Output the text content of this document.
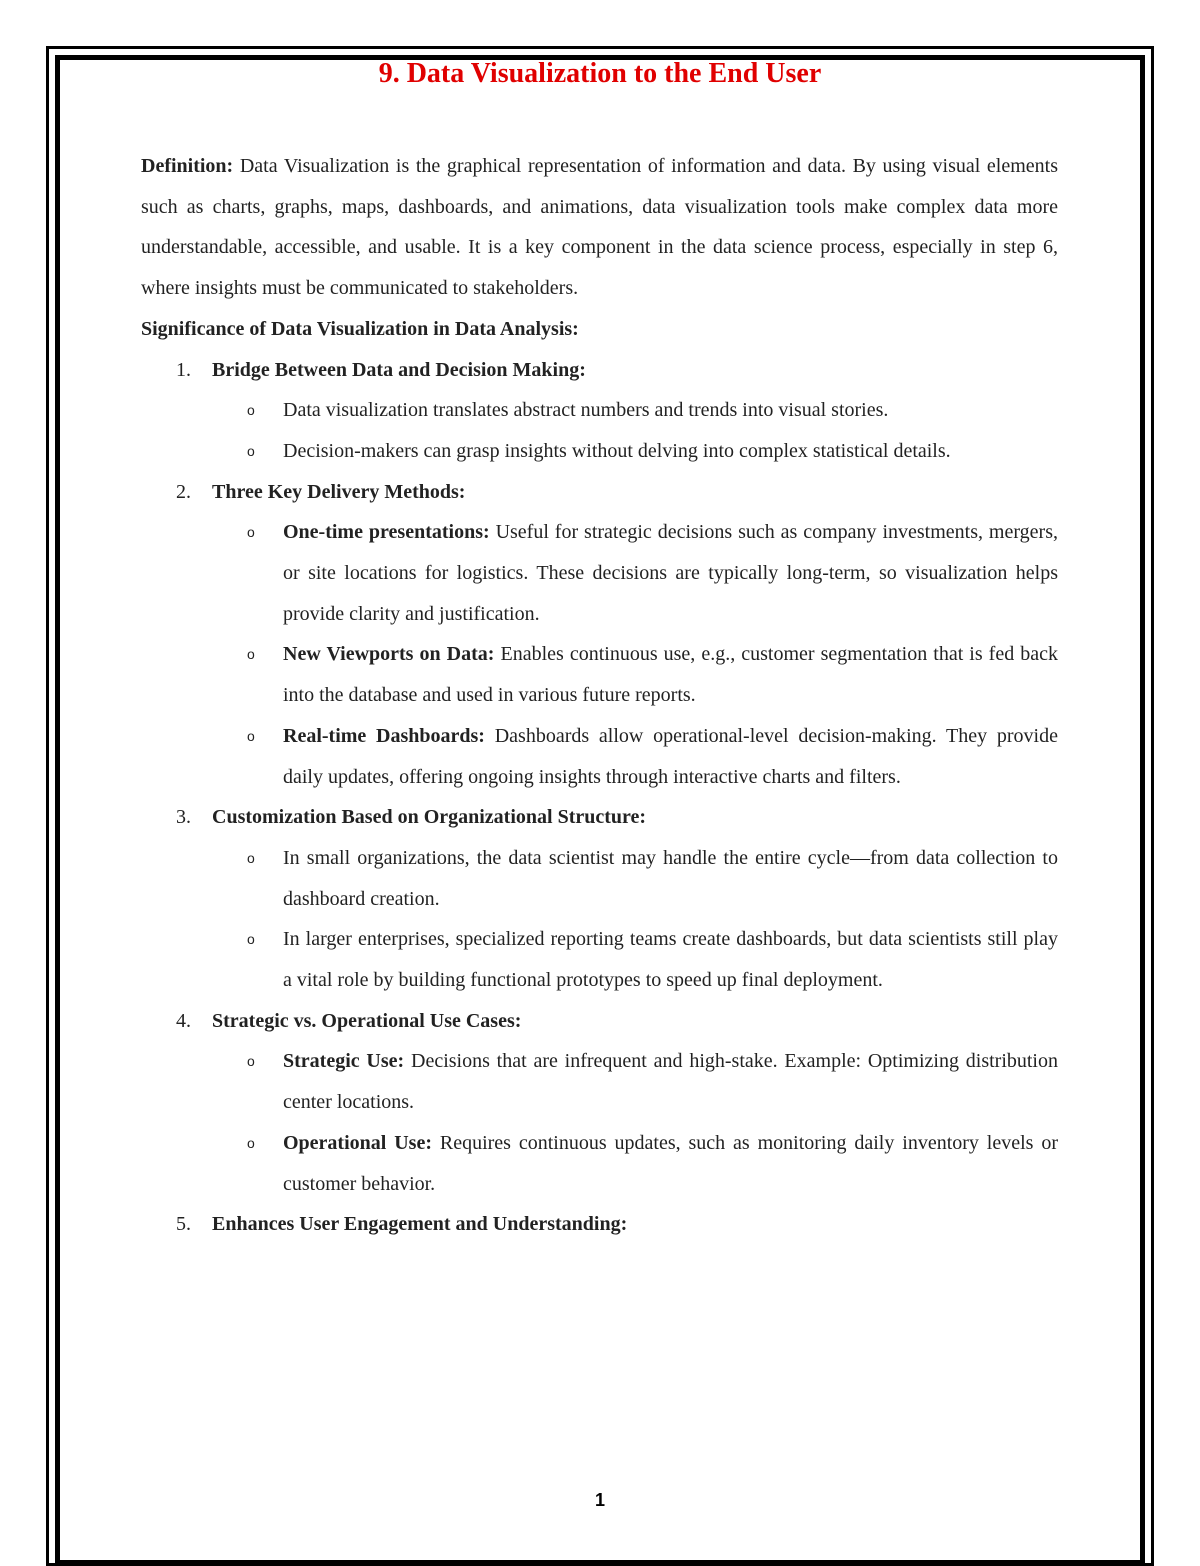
9. Data Visualization to the End User

Definition: Data Visualization is the graphical representation of information and data. By using visual elements such as charts, graphs, maps, dashboards, and animations, data visualization tools make complex data more understandable, accessible, and usable. It is a key component in the data science process, especially in step 6, where insights must be communicated to stakeholders.

Significance of Data Visualization in Data Analysis:

1. Bridge Between Data and Decision Making:
o Data visualization translates abstract numbers and trends into visual stories.
o Decision-makers can grasp insights without delving into complex statistical details.
2. Three Key Delivery Methods:
o One-time presentations: Useful for strategic decisions such as company investments, mergers, or site locations for logistics. These decisions are typically long-term, so visualization helps provide clarity and justification.
o New Viewports on Data: Enables continuous use, e.g., customer segmentation that is fed back into the database and used in various future reports.
o Real-time Dashboards: Dashboards allow operational-level decision-making. They provide daily updates, offering ongoing insights through interactive charts and filters.
3. Customization Based on Organizational Structure:
o In small organizations, the data scientist may handle the entire cycle—from data collection to dashboard creation.
o In larger enterprises, specialized reporting teams create dashboards, but data scientists still play a vital role by building functional prototypes to speed up final deployment.
4. Strategic vs. Operational Use Cases:
o Strategic Use: Decisions that are infrequent and high-stake. Example: Optimizing distribution center locations.
o Operational Use: Requires continuous updates, such as monitoring daily inventory levels or customer behavior.
5. Enhances User Engagement and Understanding:
1
